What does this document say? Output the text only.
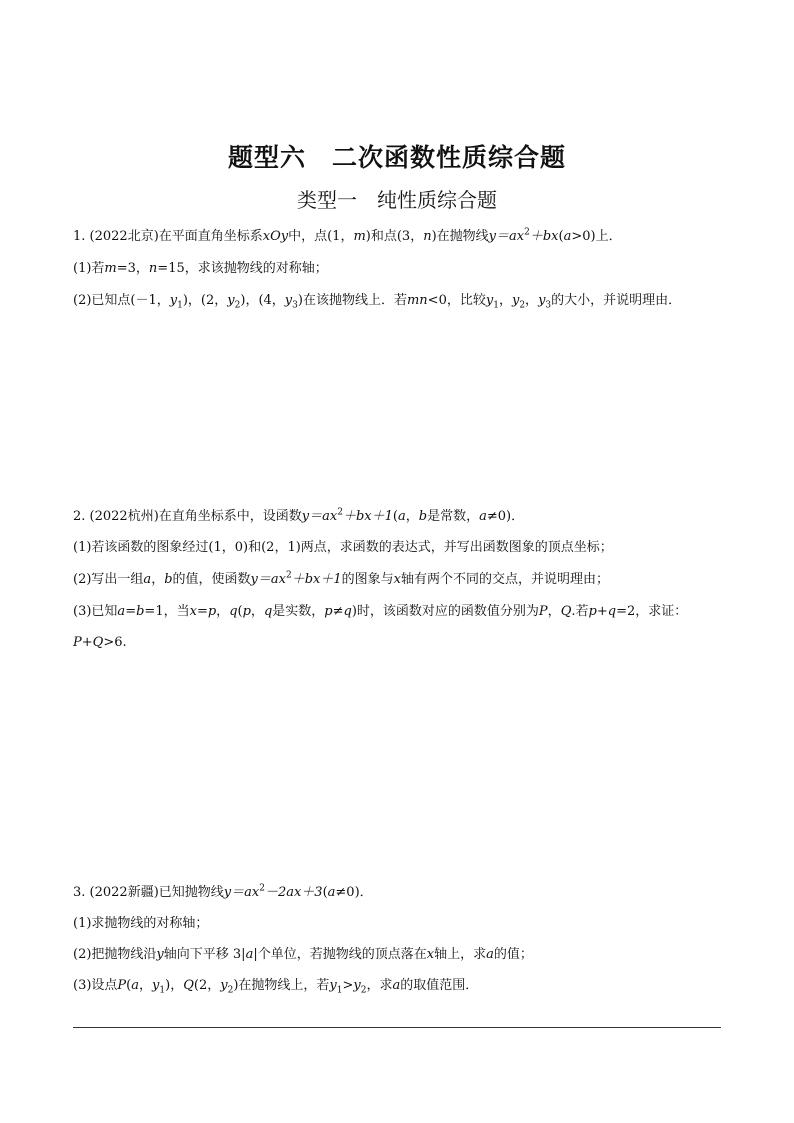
题型六　二次函数性质综合题
类型一　纯性质综合题
1. (2022北京)在平面直角坐标系xOy中，点(1，m)和点(3，n)在抛物线$y=ax^2+bx(a>0)$上．
(1)若m=3，n=15，求该抛物线的对称轴；
(2)已知点(－1，$y_1$)，(2，$y_2$)，(4，$y_3$)在该抛物线上．若mn<0，比较$y_1$，$y_2$，$y_3$的大小，并说明理由．
2. (2022杭州)在直角坐标系中，设函数$y=ax^2+bx+1(a$，b是常数，a≠0)．
(1)若该函数的图象经过(1，0)和(2，1)两点，求函数的表达式，并写出函数图象的顶点坐标；
(2)写出一组a，b的值，使函数$y=ax^2+bx+1$的图象与x轴有两个不同的交点，并说明理由；
(3)已知a=b=1，当x=p，q(p，q是实数，p≠q)时，该函数对应的函数值分别为P，Q.若p+q=2，求证：P+Q>6.
3. (2022新疆)已知抛物线$y=ax^2-2ax+3(a\ne 0)$．
(1)求抛物线的对称轴；
(2)把抛物线沿y轴向下平移 3|a|个单位，若抛物线的顶点落在x轴上，求a的值；
(3)设点P(a，$y_1$)，Q(2，$y_2$)在抛物线上，若$y_1>y_2$，求a的取值范围．
